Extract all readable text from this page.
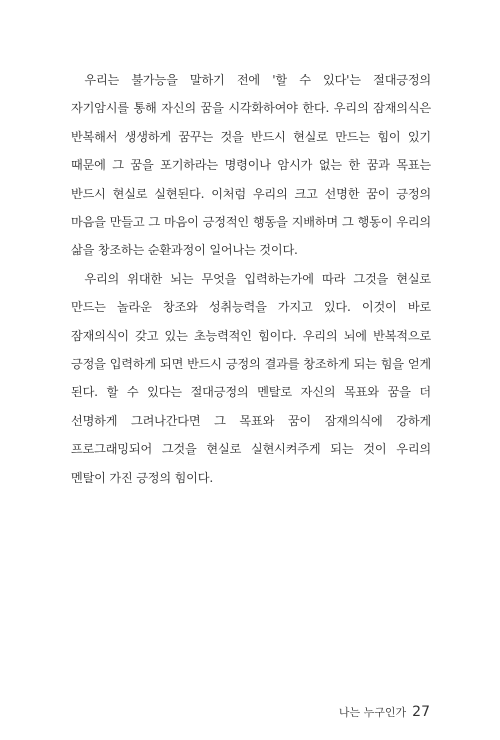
우리는 불가능을 말하기 전에 '할 수 있다'는 절대긍정의 자기암시를 통해 자신의 꿈을 시각화하여야 한다. 우리의 잠재의식은 반복해서 생생하게 꿈꾸는 것을 반드시 현실로 만드는 힘이 있기 때문에 그 꿈을 포기하라는 명령이나 암시가 없는 한 꿈과 목표는 반드시 현실로 실현된다. 이처럼 우리의 크고 선명한 꿈이 긍정의 마음을 만들고 그 마음이 긍정적인 행동을 지배하며 그 행동이 우리의 삶을 창조하는 순환과정이 일어나는 것이다.

우리의 위대한 뇌는 무엇을 입력하는가에 따라 그것을 현실로 만드는 놀라운 창조와 성취능력을 가지고 있다. 이것이 바로 잠재의식이 갖고 있는 초능력적인 힘이다. 우리의 뇌에 반복적으로 긍정을 입력하게 되면 반드시 긍정의 결과를 창조하게 되는 힘을 얻게 된다. 할 수 있다는 절대긍정의 멘탈로 자신의 목표와 꿈을 더 선명하게 그려나간다면 그 목표와 꿈이 잠재의식에 강하게 프로그래밍되어 그것을 현실로 실현시켜주게 되는 것이 우리의 멘탈이 가진 긍정의 힘이다.

나는 누구인가 27
